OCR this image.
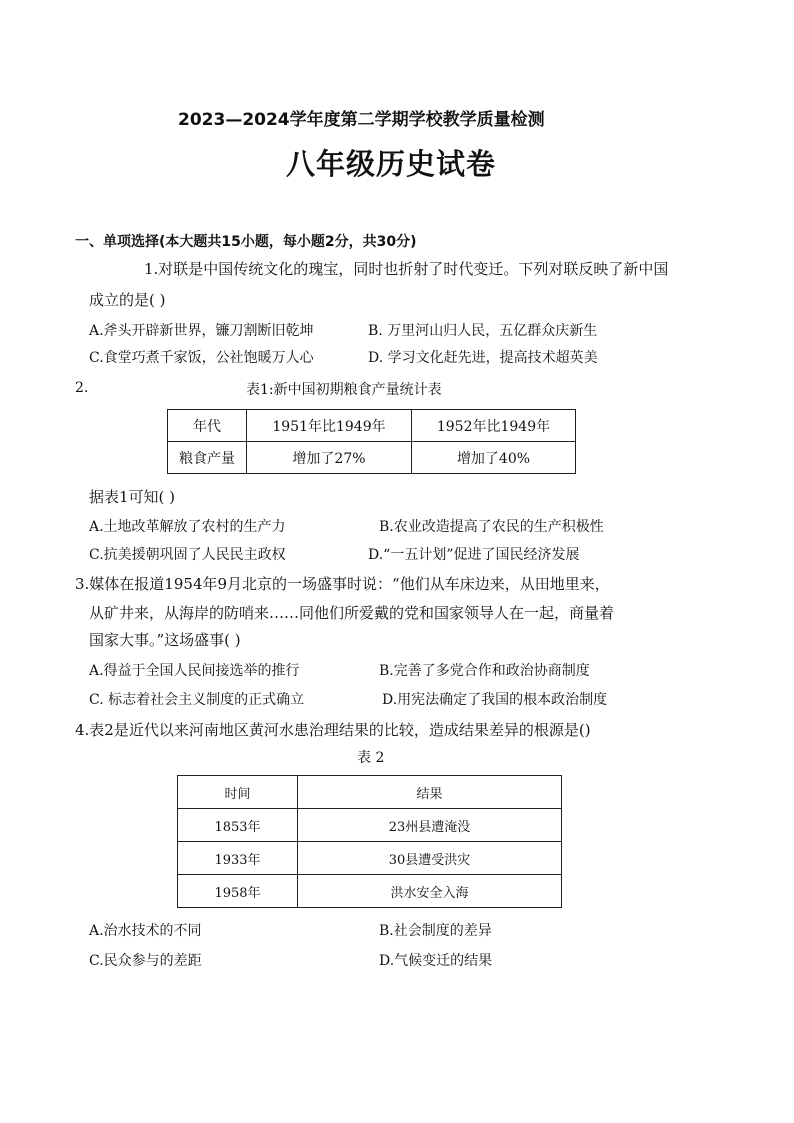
2023—2024学年度第二学期学校教学质量检测
八年级历史试卷
一、单项选择(本大题共15小题，每小题2分，共30分)
1.对联是中国传统文化的瑰宝，同时也折射了时代变迁。下列对联反映了新中国
成立的是( )
A.斧头开辟新世界，镰刀割断旧乾坤	B. 万里河山归人民，五亿群众庆新生
C.食堂巧煮千家饭，公社饱暖万人心	D. 学习文化赶先进，提高技术超英美
2.	表1:新中国初期粮食产量统计表
年代	1951年比1949年	1952年比1949年
粮食产量	增加了27%	增加了40%
据表1可知( )
A.土地改革解放了农村的生产力	B.农业改造提高了农民的生产积极性
C.抗美援朝巩固了人民民主政权	D.“一五计划”促进了国民经济发展
3.媒体在报道1954年9月北京的一场盛事时说：“他们从车床边来，从田地里来，
从矿井来，从海岸的防哨来……同他们所爱戴的党和国家领导人在一起，商量着
国家大事。”这场盛事( )
A.得益于全国人民间接选举的推行	B.完善了多党合作和政治协商制度
C. 标志着社会主义制度的正式确立	D.用宪法确定了我国的根本政治制度
4.表2是近代以来河南地区黄河水患治理结果的比较，造成结果差异的根源是()
表 2
时间	结果
1853年	23州县遭淹没
1933年	30县遭受洪灾
1958年	洪水安全入海
A.治水技术的不同	B.社会制度的差异
C.民众参与的差距	D.气候变迁的结果
